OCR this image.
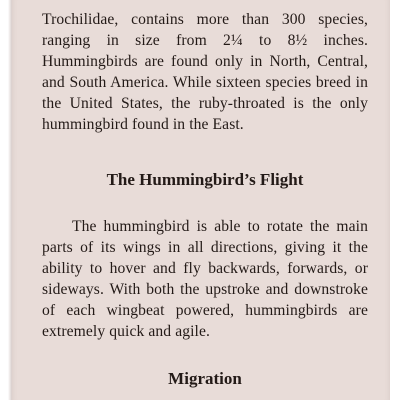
Trochilidae, contains more than 300 species, ranging in size from 2¼ to 8½ inches. Hummingbirds are found only in North, Central, and South America. While sixteen species breed in the United States, the ruby-throated is the only hummingbird found in the East.

The Hummingbird’s Flight

The hummingbird is able to rotate the main parts of its wings in all directions, giving it the ability to hover and fly backwards, forwards, or sideways. With both the upstroke and downstroke of each wingbeat powered, hummingbirds are extremely quick and agile.

Migration
